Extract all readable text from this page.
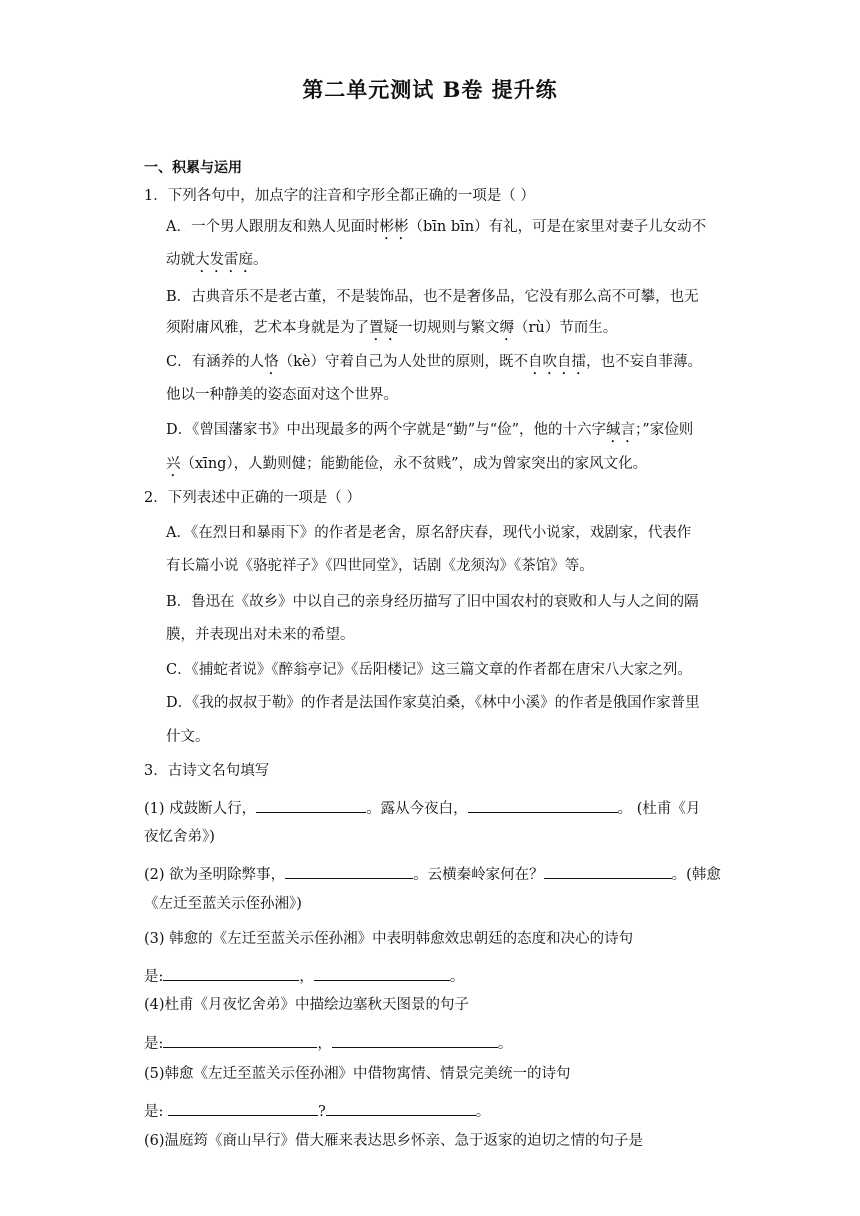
第二单元测试 B卷 提升练
一、积累与运用
1．下列各句中，加点字的注音和字形全都正确的一项是（ ）
A．一个男人跟朋友和熟人见面时彬彬（bīn bīn）有礼，可是在家里对妻子儿女动不
动就大发雷庭。
B．古典音乐不是老古董，不是装饰品，也不是奢侈品，它没有那么高不可攀，也无
须附庸风雅，艺术本身就是为了置疑一切规则与繁文缛（rù）节而生。
C．有涵养的人恪（kè）守着自己为人处世的原则，既不自吹自擂，也不妄自菲薄。
他以一种静美的姿态面对这个世界。
D．《曾国藩家书》中出现最多的两个字就是“勤”与“俭”，他的十六字缄言；”家俭则
兴（xīng），人勤则健；能勤能俭，永不贫贱”，成为曾家突出的家风文化。
2．下列表述中正确的一项是（ ）
A．《在烈日和暴雨下》的作者是老舍，原名舒庆春，现代小说家，戏剧家，代表作
有长篇小说《骆驼祥子》《四世同堂》，话剧《龙须沟》《茶馆》等。
B．鲁迅在《故乡》中以自己的亲身经历描写了旧中国农村的衰败和人与人之间的隔
膜，并表现出对未来的希望。
C．《捕蛇者说》《醉翁亭记》《岳阳楼记》这三篇文章的作者都在唐宋八大家之列。
D．《我的叔叔于勒》的作者是法国作家莫泊桑，《林中小溪》的作者是俄国作家普里
什文。
3．古诗文名句填写
(1) 戍鼓断人行，	。露从今夜白，	。 (杜甫《月
夜忆舍弟》)
(2) 欲为圣明除弊事，	。云横秦岭家何在？	。(韩愈
《左迁至蓝关示侄孙湘》)
(3) 韩愈的《左迁至蓝关示侄孙湘》中表明韩愈效忠朝廷的态度和决心的诗句
是:	，	。
(4)杜甫《月夜忆舍弟》中描绘边塞秋天图景的句子
是:	，	。
(5)韩愈《左迁至蓝关示侄孙湘》中借物寓情、情景完美统一的诗句
是:	?	。
(6)温庭筠《商山早行》借大雁来表达思乡怀亲、急于返家的迫切之情的句子是
